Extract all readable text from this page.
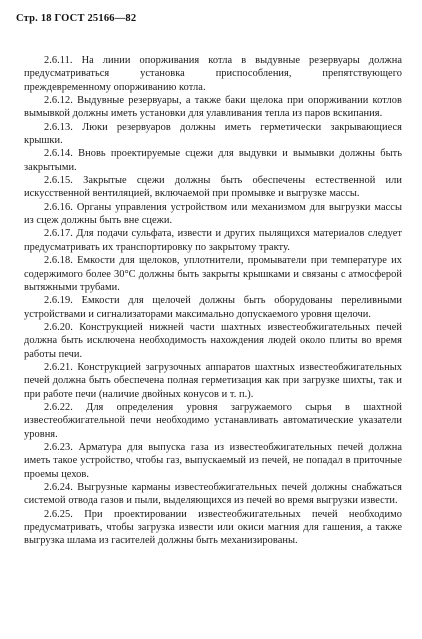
Стр. 18 ГОСТ 25166—82

2.6.11. На линии опорживания котла в выдувные резервуары должна предусматриваться установка приспособления, препятствующего преждевременному опорживанию котла.

2.6.12. Выдувные резервуары, а также баки щелока при опорживании котлов вымывкой должны иметь установки для улавливания тепла из паров вскипания.

2.6.13. Люки резервуаров должны иметь герметически закрывающиеся крышки.

2.6.14. Вновь проектируемые сцежи для выдувки и вымывки должны быть закрытыми.

2.6.15. Закрытые сцежи должны быть обеспечены естественной или искусственной вентиляцией, включаемой при промывке и выгрузке массы.

2.6.16. Органы управления устройством или механизмом для выгрузки массы из сцеж должны быть вне сцежи.

2.6.17. Для подачи сульфата, извести и других пылящихся материалов следует предусматривать их транспортировку по закрытому тракту.

2.6.18. Емкости для щелоков, уплотнители, промыватели при температуре их содержимого более 30°С должны быть закрыты крышками и связаны с атмосферой вытяжными трубами.

2.6.19. Емкости для щелочей должны быть оборудованы переливными устройствами и сигнализаторами максимально допускаемого уровня щелочи.

2.6.20. Конструкцией нижней части шахтных известеобжигательных печей должна быть исключена необходимость нахождения людей около плиты во время работы печи.

2.6.21. Конструкцией загрузочных аппаратов шахтных известеобжигательных печей должна быть обеспечена полная герметизация как при загрузке шихты, так и при работе печи (наличие двойных конусов и т. п.).

2.6.22. Для определения уровня загружаемого сырья в шахтной известеобжигательной печи необходимо устанавливать автоматические указатели уровня.

2.6.23. Арматура для выпуска газа из известеобжигательных печей должна иметь такое устройство, чтобы газ, выпускаемый из печей, не попадал в приточные проемы цехов.

2.6.24. Выгрузные карманы известеобжигательных печей должны снабжаться системой отвода газов и пыли, выделяющихся из печей во время выгрузки извести.

2.6.25. При проектировании известеобжигательных печей необходимо предусматривать, чтобы загрузка извести или окиси магния для гашения, а также выгрузка шлама из гасителей должны быть механизированы.
